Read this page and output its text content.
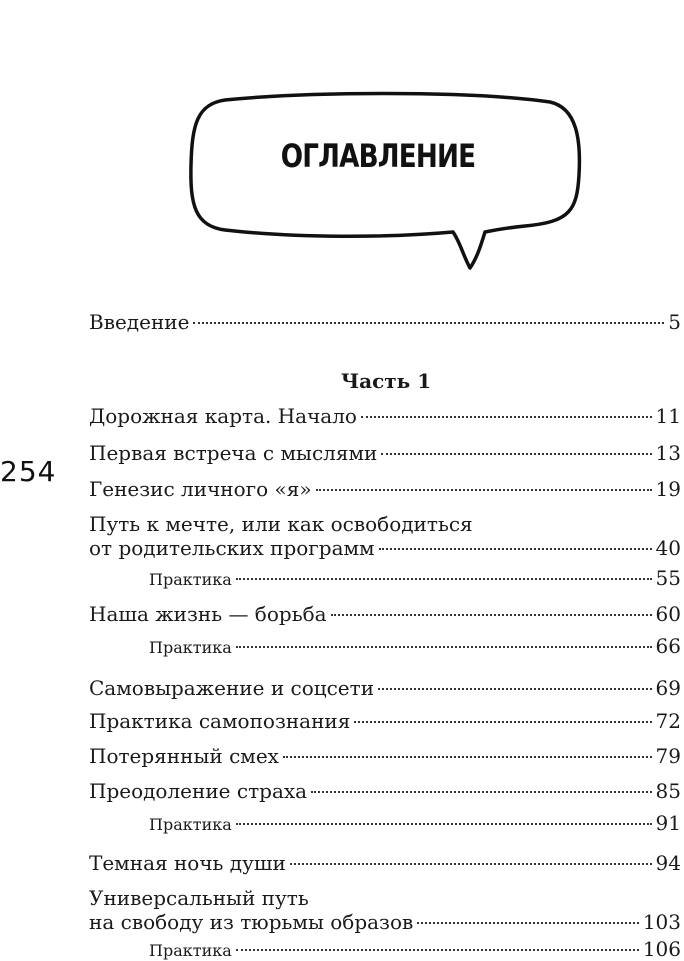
254
ОГЛАВЛЕНИЕ
Введение	5
Часть 1
Дорожная карта. Начало	11
Первая встреча с мыслями	13
Генезис личного «я»	19
Путь к мечте, или как освободиться
от родительских программ	40
Практика	55
Наша жизнь — борьба	60
Практика	66
Самовыражение и соцсети	69
Практика самопознания	72
Потерянный смех	79
Преодоление страха	85
Практика	91
Темная ночь души	94
Универсальный путь
на свободу из тюрьмы образов	103
Практика	106
